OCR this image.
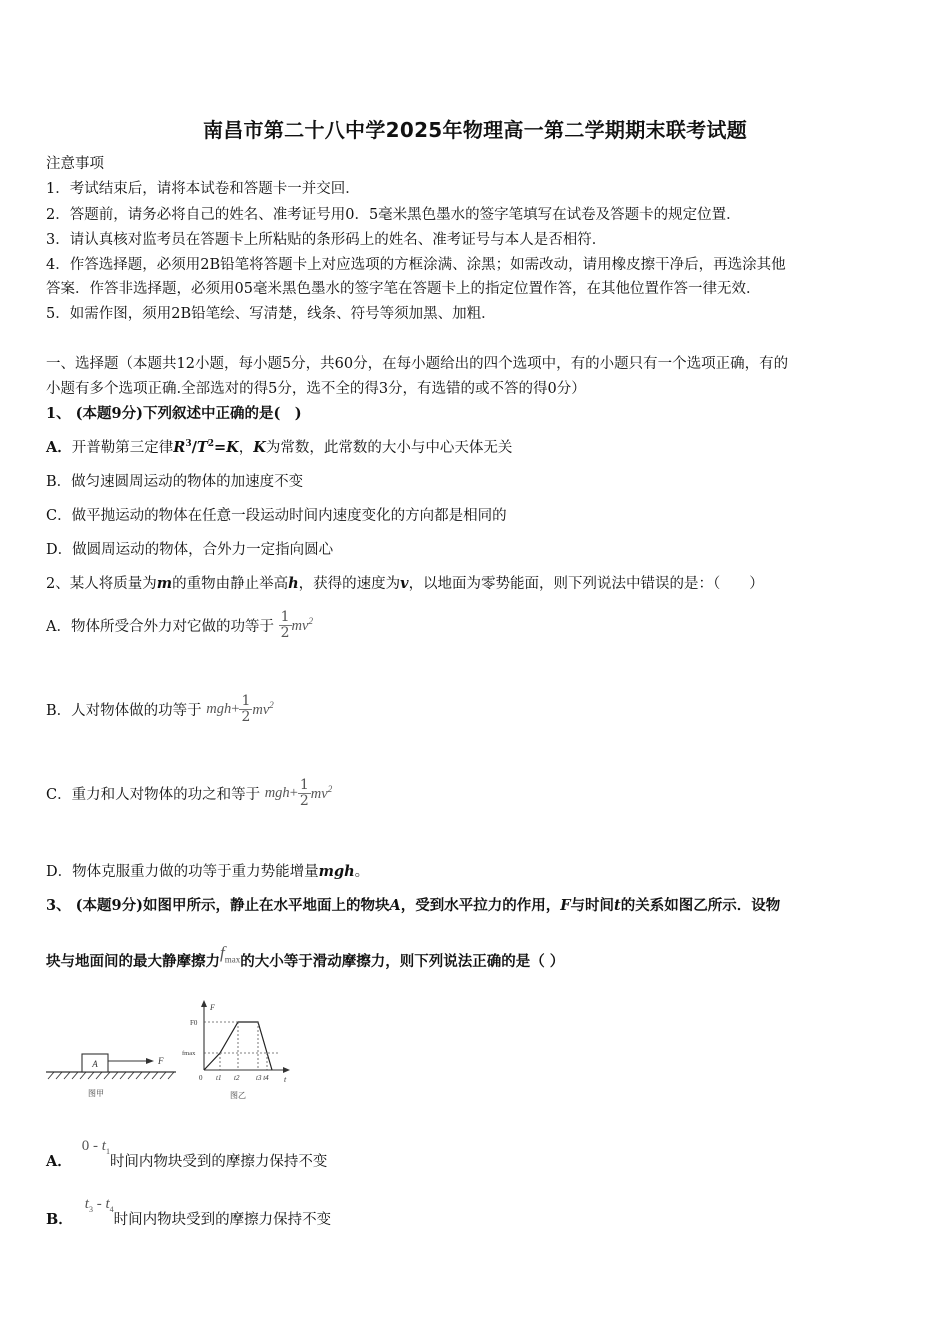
南昌市第二十八中学2025年物理高一第二学期期末联考试题
注意事项
1．考试结束后，请将本试卷和答题卡一并交回．
2．答题前，请务必将自己的姓名、准考证号用0．5毫米黑色墨水的签字笔填写在试卷及答题卡的规定位置．
3．请认真核对监考员在答题卡上所粘贴的条形码上的姓名、准考证号与本人是否相符．
4．作答选择题，必须用2B铅笔将答题卡上对应选项的方框涂满、涂黑；如需改动，请用橡皮擦干净后，再选涂其他
答案．作答非选择题，必须用05毫米黑色墨水的签字笔在答题卡上的指定位置作答，在其他位置作答一律无效．
5．如需作图，须用2B铅笔绘、写清楚，线条、符号等须加黑、加粗．
一、选择题（本题共12小题，每小题5分，共60分，在每小题给出的四个选项中，有的小题只有一个选项正确，有的
小题有多个选项正确.全部选对的得5分，选不全的得3分，有选错的或不答的得0分）
1、 (本题9分)下列叙述中正确的是(　)
A．开普勒第三定律$R^3/T^2=K$，K为常数，此常数的大小与中心天体无关
B．做匀速圆周运动的物体的加速度不变
C．做平抛运动的物体在任意一段运动时间内速度变化的方向都是相同的
D．做圆周运动的物体，合外力一定指向圆心
2、某人将质量为m的重物由静止举高h，获得的速度为v，以地面为零势能面，则下列说法中错误的是：（　　）
A．物体所受合外力对它做的功等于 $\frac{1}{2} mv^2$
B．人对物体做的功等于 $mgh+ \frac{1}{2} mv^2$
C．重力和人对物体的功之和等于 $mgh+ \frac{1}{2} mv^2$
D．物体克服重力做的功等于重力势能增量mgh。
3、 (本题9分)如图甲所示，静止在水平地面上的物块A，受到水平拉力的作用，F与时间t的关系如图乙所示．设物
块与地面间的最大静摩擦力$f_{max}$的大小等于滑动摩擦力，则下列说法正确的是（ ）
A	F
图甲
F
t
F0
fmax
0 t1 t2 t3 t4
图乙
A．$0 - t_1$时间内物块受到的摩擦力保持不变
B．$t_3 - t_4$时间内物块受到的摩擦力保持不变
